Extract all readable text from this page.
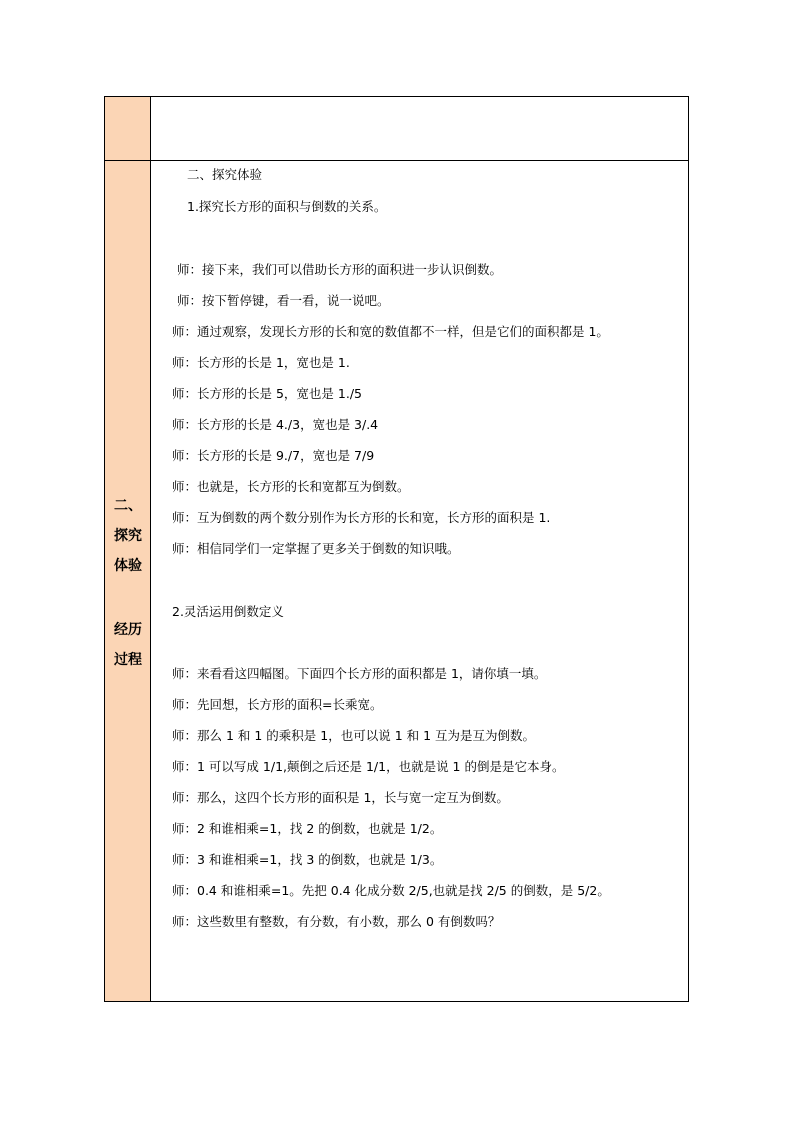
二、
探究
体验
经历
过程
二、探究体验
1.探究长方形的面积与倒数的关系。
师：接下来，我们可以借助长方形的面积进一步认识倒数。
师：按下暂停键，看一看，说一说吧。
师：通过观察，发现长方形的长和宽的数值都不一样，但是它们的面积都是 1。
师：长方形的长是 1，宽也是 1.
师：长方形的长是 5，宽也是 1./5
师：长方形的长是 4./3，宽也是 3/.4
师：长方形的长是 9./7，宽也是 7/9
师：也就是，长方形的长和宽都互为倒数。
师：互为倒数的两个数分别作为长方形的长和宽，长方形的面积是 1.
师：相信同学们一定掌握了更多关于倒数的知识哦。
2.灵活运用倒数定义
师：来看看这四幅图。下面四个长方形的面积都是 1，请你填一填。
师：先回想，长方形的面积=长乘宽。
师：那么 1 和 1 的乘积是 1，也可以说 1 和 1 互为是互为倒数。
师：1 可以写成 1/1,颠倒之后还是 1/1，也就是说 1 的倒是是它本身。
师：那么，这四个长方形的面积是 1，长与宽一定互为倒数。
师：2 和谁相乘=1，找 2 的倒数，也就是 1/2。
师：3 和谁相乘=1，找 3 的倒数，也就是 1/3。
师：0.4 和谁相乘=1。先把 0.4 化成分数 2/5,也就是找 2/5 的倒数，是 5/2。
师：这些数里有整数，有分数，有小数，那么 0 有倒数吗？
